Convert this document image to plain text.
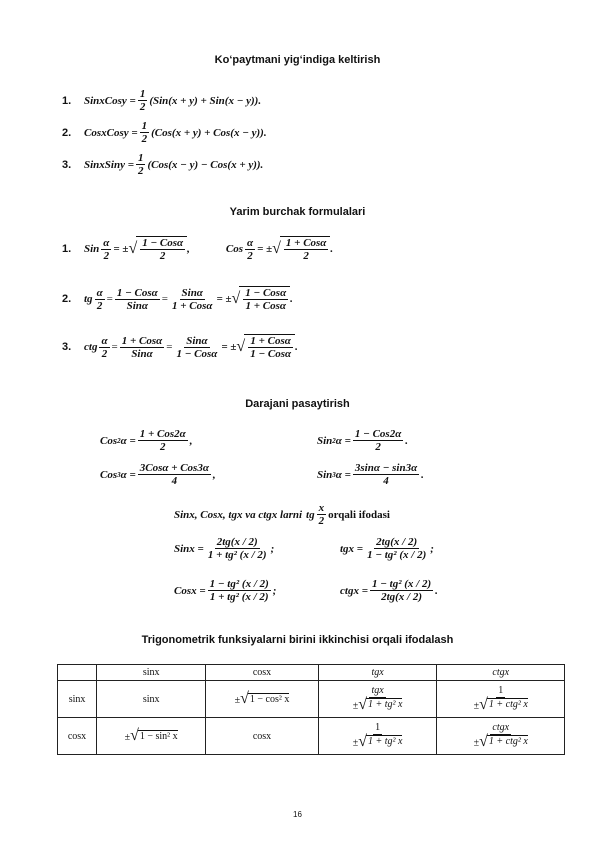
Ko‘paytmani yig‘indiga keltirish
1.	SinxCosy = $\frac{1}{2} (Sin(x + y) + Sin(x - y))$.
2.	CosxCosy = $\frac{1}{2} (Cos(x + y) + Cos(x - y))$.
3.	SinxSiny = $\frac{1}{2} (Cos(x - y) - Cos(x + y))$.
Yarim burchak formulalari
1.	Sin $\frac{\alpha}{2}$ = ± √ $\frac{\text{1 − Cosα}}{2}$ ,	Cos $\frac{\alpha}{2}$ = ± √ $\frac{\text{1 + Cosα}}{2}$ .
2.	tg $\frac{\alpha}{2} = \frac{\text{1 − Cosα}}{\text{Sinα}} = \frac{\text{Sinα}}{\text{1 + Cosα}}$ = ± √ $\frac{\text{1 − Cosα}}{\text{1 + Cosα}}$ .
3.	ctg $\frac{\alpha}{2} = \frac{\text{1 + Cosα}}{\text{Sinα}} = \frac{\text{Sinα}}{\text{1 − Cosα}}$ = ± √ $\frac{\text{1 + Cosα}}{\text{1 − Cosα}}$ .
Darajani pasaytirish
Cos 2 $\alpha = \frac{\text{1 + Cos2α}}{2}$ ,	Sin 2 $\alpha = \frac{\text{1 − Cos2α}}{2}$ .
Cos 3 $\alpha = \frac{\text{3Cosα + Cos3α}}{4}$ ,	Sin 3 $\alpha = \frac{3\sin\alpha - \sin 3\alpha}{4}$ .
Sinx, Cosx, tgx va ctgx larni tg $\frac{x}{2}$ orqali ifodasi
Sinx = $\frac{2tg(x / 2)}{\text{1 + tg² (x / 2)}}$ ;	tgx = $\frac{2tg(x / 2)}{\text{1 − tg² (x / 2)}}$ ;
Cosx = $\frac{\text{1 − tg² (x / 2)}}{\text{1 + tg² (x / 2)}}$ ;	ctgx = $\frac{\text{1 − tg² (x / 2)}}{2tg(x / 2)}$ .
Trigonometrik funksiyalarni birini ikkinchisi orqali ifodalash
	sinx	cosx	tgx	ctgx
sinx	sinx	± √ 1 − cos² x	$\frac{\text{tgx}}{\text{± √ 1 + tg² x}}$	$\frac{1}{\text{± √ 1 + ctg² x}}$

cosx	± √ 1 − sin² x	cosx	$\frac{1}{\text{± √ 1 + tg² x}}$	$\frac{\text{ctgx}}{\text{± √ 1 + ctg² x}}$
16
